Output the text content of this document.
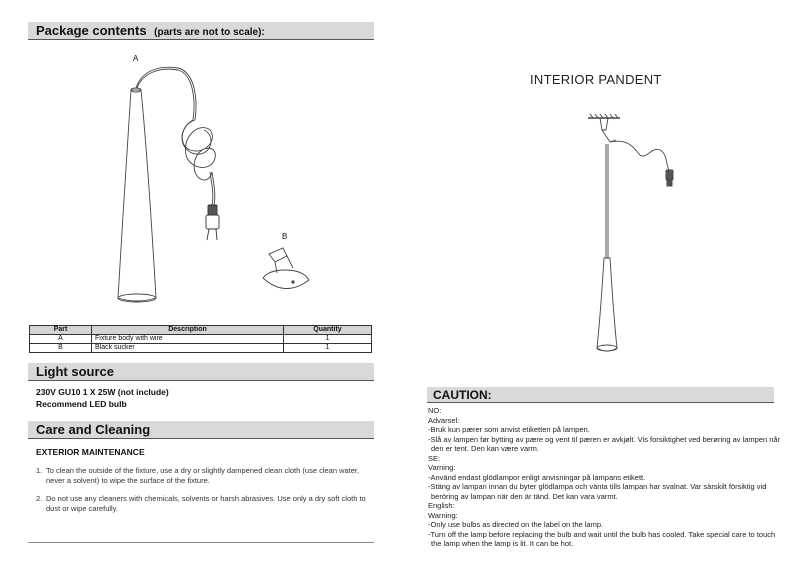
Package contents (parts are not to scale):
A
B
Part	Description	Quantity
A	Fixture body with wire	1
B	Black sucker	1
Light source
230V GU10 1 X 25W (not include)
Recommend LED bulb
Care and Cleaning
EXTERIOR MAINTENANCE
1. To clean the outside of the fixture, use a dry or slightly dampened clean cloth (use clean water, never a solvent) to wipe the surface of the fixture.
2. Do not use any cleaners with chemicals, solvents or harsh abrasives. Use only a dry soft cloth to dust or wipe carefully.
INTERIOR PANDENT
CAUTION:
NO:
Advarsel:
-Bruk kun pærer som anvist etiketten på lampen.
-Slå av lampen før bytting av pære og vent til pæren er avkjølt. Vis forsiktighet ved berøring av lampen når
den er tent. Den kan være varm.
SE:
Varning:
-Använd endast glödlampor enligt anvisningar på lampans etikett.
-Stäng av lampan innan du byter glödlampa och vänta tills lampan har svalnat. Var särskilt försiktig vid
beröring av lampan när den är tänd. Det kan vara varmt.
English:
Warning:
-Only use bulbs as directed on the label on the lamp.
-Turn off the lamp before replacing the bulb and wait until the bulb has cooled. Take special care to touch
the lamp when the lamp is lit. It can be hot.
